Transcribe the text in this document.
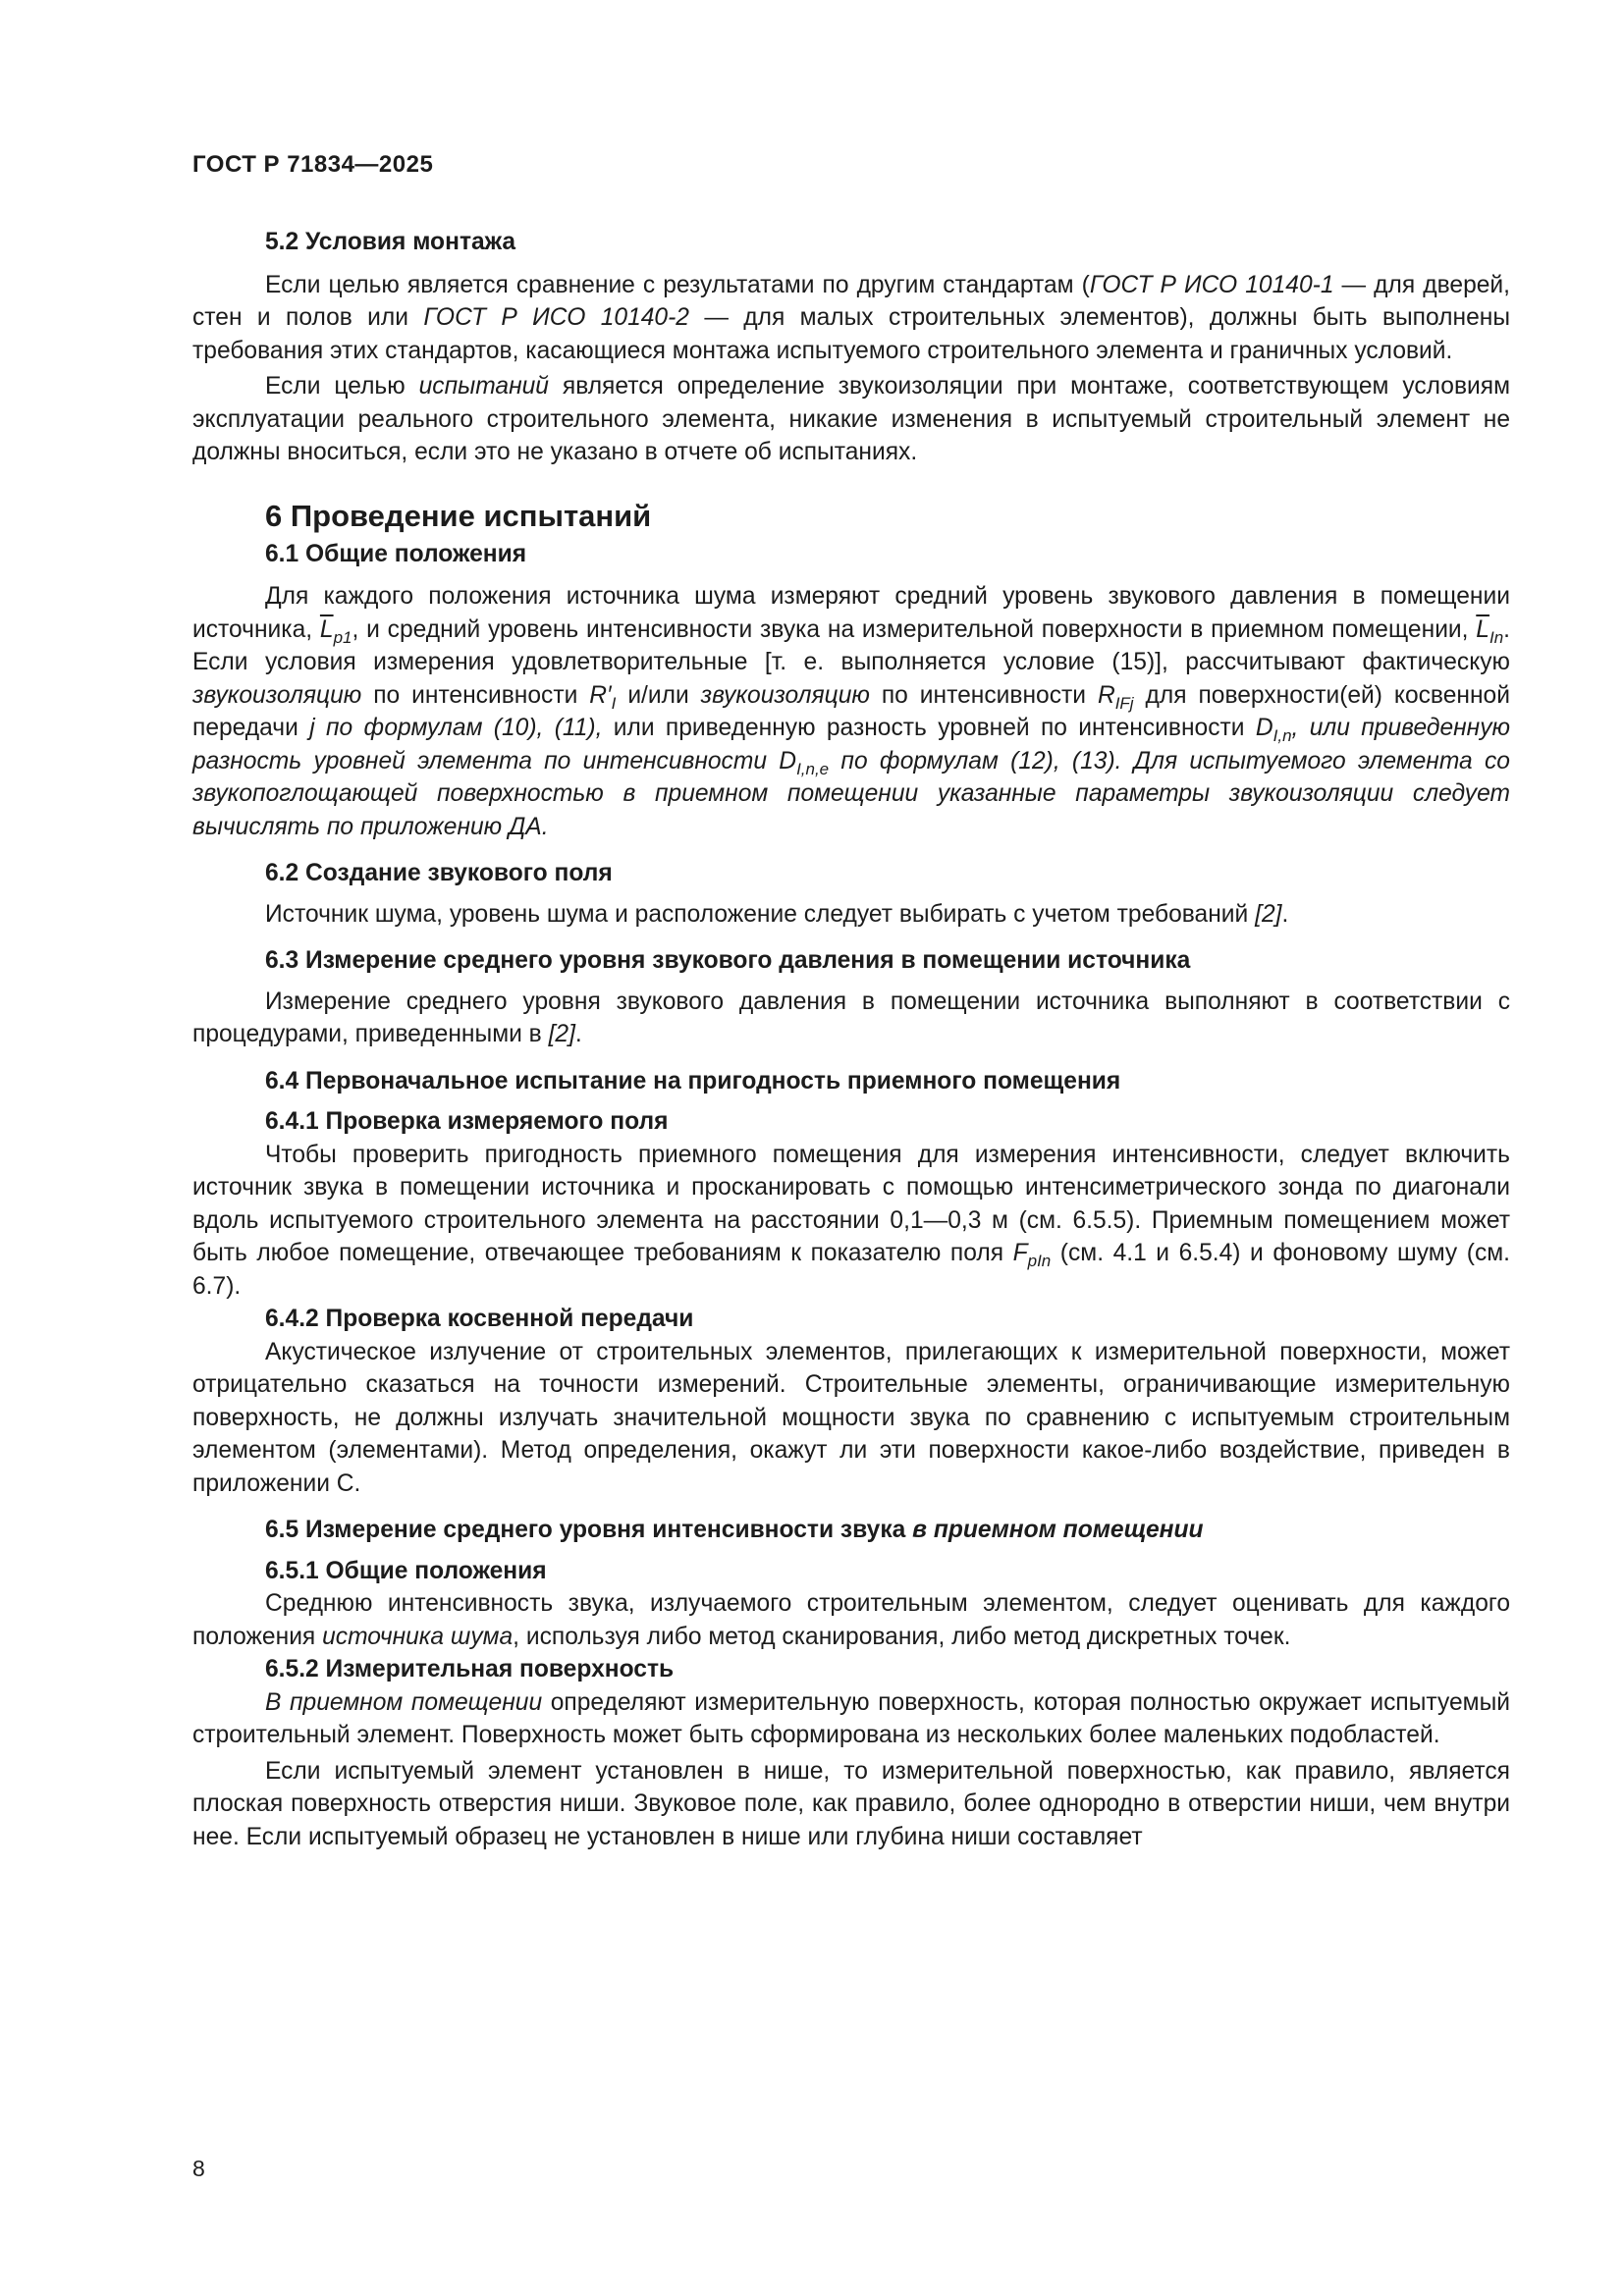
ГОСТ Р 71834—2025
5.2 Условия монтажа

Если целью является сравнение с результатами по другим стандартам (ГОСТ Р ИСО 10140-1 — для дверей, стен и полов или ГОСТ Р ИСО 10140-2 — для малых строительных элементов), должны быть выполнены требования этих стандартов, касающиеся монтажа испытуемого строительного элемента и граничных условий.

Если целью испытаний является определение звукоизоляции при монтаже, соответствующем условиям эксплуатации реального строительного элемента, никакие изменения в испытуемый строительный элемент не должны вноситься, если это не указано в отчете об испытаниях.

6 Проведение испытаний
6.1 Общие положения

Для каждого положения источника шума измеряют средний уровень звукового давления в помещении источника, $\overline{L}_{p1}$, и средний уровень интенсивности звука на измерительной поверхности в приемном помещении, $\overline{L}_{In}$. Если условия измерения удовлетворительные [т. е. выполняется условие (15)], рассчитывают фактическую звукоизоляцию по интенсивности $R'_I$ и/или звукоизоляцию по интенсивности $R_{IFj}$ для поверхности(ей) косвенной передачи j по формулам (10), (11), или приведенную разность уровней по интенсивности $D_{I,n}$, или приведенную разность уровней элемента по интенсивности $D_{I,n,e}$ по формулам (12), (13). Для испытуемого элемента со звукопоглощающей поверхностью в приемном помещении указанные параметры звукоизоляции следует вычислять по приложению ДА.

6.2 Создание звукового поля

Источник шума, уровень шума и расположение следует выбирать с учетом требований [2].

6.3 Измерение среднего уровня звукового давления в помещении источника

Измерение среднего уровня звукового давления в помещении источника выполняют в соответствии с процедурами, приведенными в [2].

6.4 Первоначальное испытание на пригодность приемного помещения
6.4.1 Проверка измеряемого поля

Чтобы проверить пригодность приемного помещения для измерения интенсивности, следует включить источник звука в помещении источника и просканировать с помощью интенсиметрического зонда по диагонали вдоль испытуемого строительного элемента на расстоянии 0,1—0,3 м (см. 6.5.5). Приемным помещением может быть любое помещение, отвечающее требованиям к показателю поля $F_{pIn}$ (см. 4.1 и 6.5.4) и фоновому шуму (см. 6.7).

6.4.2 Проверка косвенной передачи

Акустическое излучение от строительных элементов, прилегающих к измерительной поверхности, может отрицательно сказаться на точности измерений. Строительные элементы, ограничивающие измерительную поверхность, не должны излучать значительной мощности звука по сравнению с испытуемым строительным элементом (элементами). Метод определения, окажут ли эти поверхности какое-либо воздействие, приведен в приложении С.

6.5 Измерение среднего уровня интенсивности звука в приемном помещении
6.5.1 Общие положения

Среднюю интенсивность звука, излучаемого строительным элементом, следует оценивать для каждого положения источника шума, используя либо метод сканирования, либо метод дискретных точек.

6.5.2 Измерительная поверхность

В приемном помещении определяют измерительную поверхность, которая полностью окружает испытуемый строительный элемент. Поверхность может быть сформирована из нескольких более маленьких подобластей.

Если испытуемый элемент установлен в нише, то измерительной поверхностью, как правило, является плоская поверхность отверстия ниши. Звуковое поле, как правило, более однородно в отверстии ниши, чем внутри нее. Если испытуемый образец не установлен в нише или глубина ниши составляет

8
